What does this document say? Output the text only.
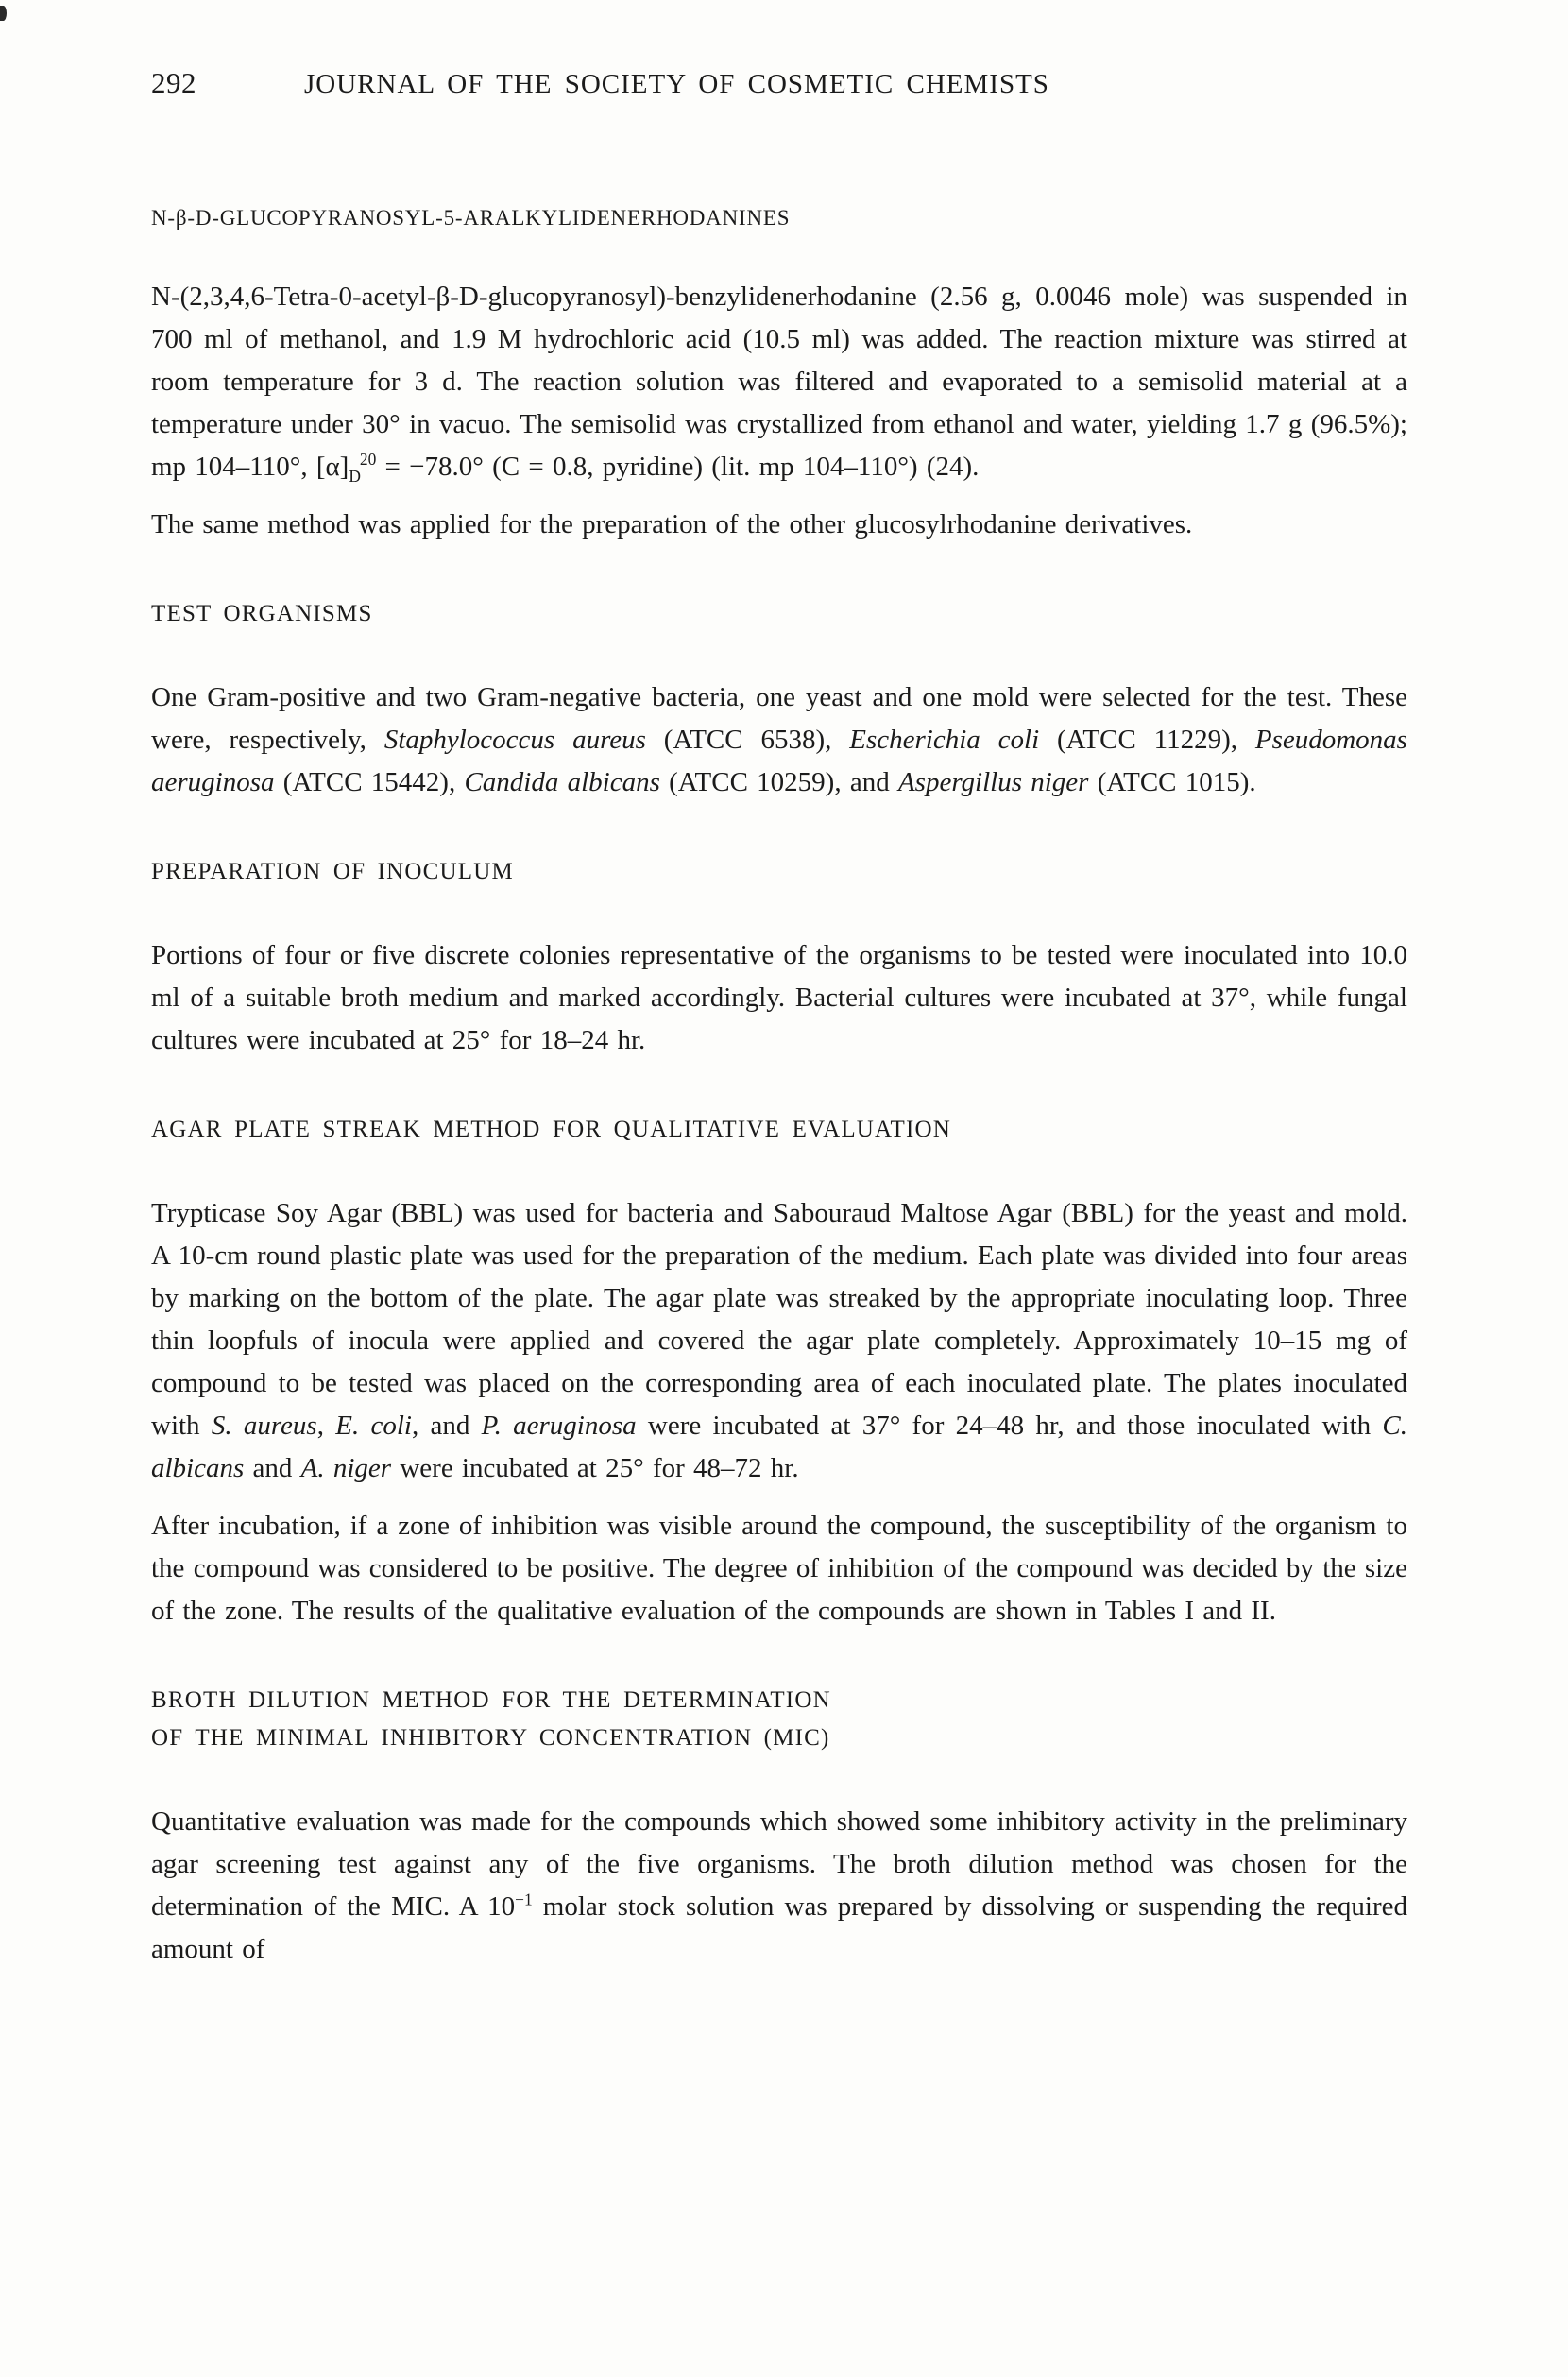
292	JOURNAL OF THE SOCIETY OF COSMETIC CHEMISTS
N-β-D-GLUCOPYRANOSYL-5-ARALKYLIDENERHODANINES

N-(2,3,4,6-Tetra-0-acetyl-β-D-glucopyranosyl)-benzylidenerhodanine (2.56 g, 0.0046 mole) was suspended in 700 ml of methanol, and 1.9 M hydrochloric acid (10.5 ml) was added. The reaction mixture was stirred at room temperature for 3 d. The reaction solution was filtered and evaporated to a semisolid material at a temperature under 30° in vacuo. The semisolid was crystallized from ethanol and water, yielding 1.7 g (96.5%); mp 104–110°, $[\alpha]_D^{20} = -78.0^\circ$ (C = 0.8, pyridine) (lit. mp 104–110°) (24).

The same method was applied for the preparation of the other glucosylrhodanine derivatives.

TEST ORGANISMS

One Gram-positive and two Gram-negative bacteria, one yeast and one mold were selected for the test. These were, respectively, Staphylococcus aureus (ATCC 6538), Escherichia coli (ATCC 11229), Pseudomonas aeruginosa (ATCC 15442), Candida albicans (ATCC 10259), and Aspergillus niger (ATCC 1015).

PREPARATION OF INOCULUM

Portions of four or five discrete colonies representative of the organisms to be tested were inoculated into 10.0 ml of a suitable broth medium and marked accordingly. Bacterial cultures were incubated at 37°, while fungal cultures were incubated at 25° for 18–24 hr.

AGAR PLATE STREAK METHOD FOR QUALITATIVE EVALUATION

Trypticase Soy Agar (BBL) was used for bacteria and Sabouraud Maltose Agar (BBL) for the yeast and mold. A 10-cm round plastic plate was used for the preparation of the medium. Each plate was divided into four areas by marking on the bottom of the plate. The agar plate was streaked by the appropriate inoculating loop. Three thin loopfuls of inocula were applied and covered the agar plate completely. Approximately 10–15 mg of compound to be tested was placed on the corresponding area of each inoculated plate. The plates inoculated with S. aureus, E. coli, and P. aeruginosa were incubated at 37° for 24–48 hr, and those inoculated with C. albicans and A. niger were incubated at 25° for 48–72 hr.

After incubation, if a zone of inhibition was visible around the compound, the susceptibility of the organism to the compound was considered to be positive. The degree of inhibition of the compound was decided by the size of the zone. The results of the qualitative evaluation of the compounds are shown in Tables I and II.

BROTH DILUTION METHOD FOR THE DETERMINATION
OF THE MINIMAL INHIBITORY CONCENTRATION (MIC)

Quantitative evaluation was made for the compounds which showed some inhibitory activity in the preliminary agar screening test against any of the five organisms. The broth dilution method was chosen for the determination of the MIC. A $10^{-1}$ molar stock solution was prepared by dissolving or suspending the required amount of
